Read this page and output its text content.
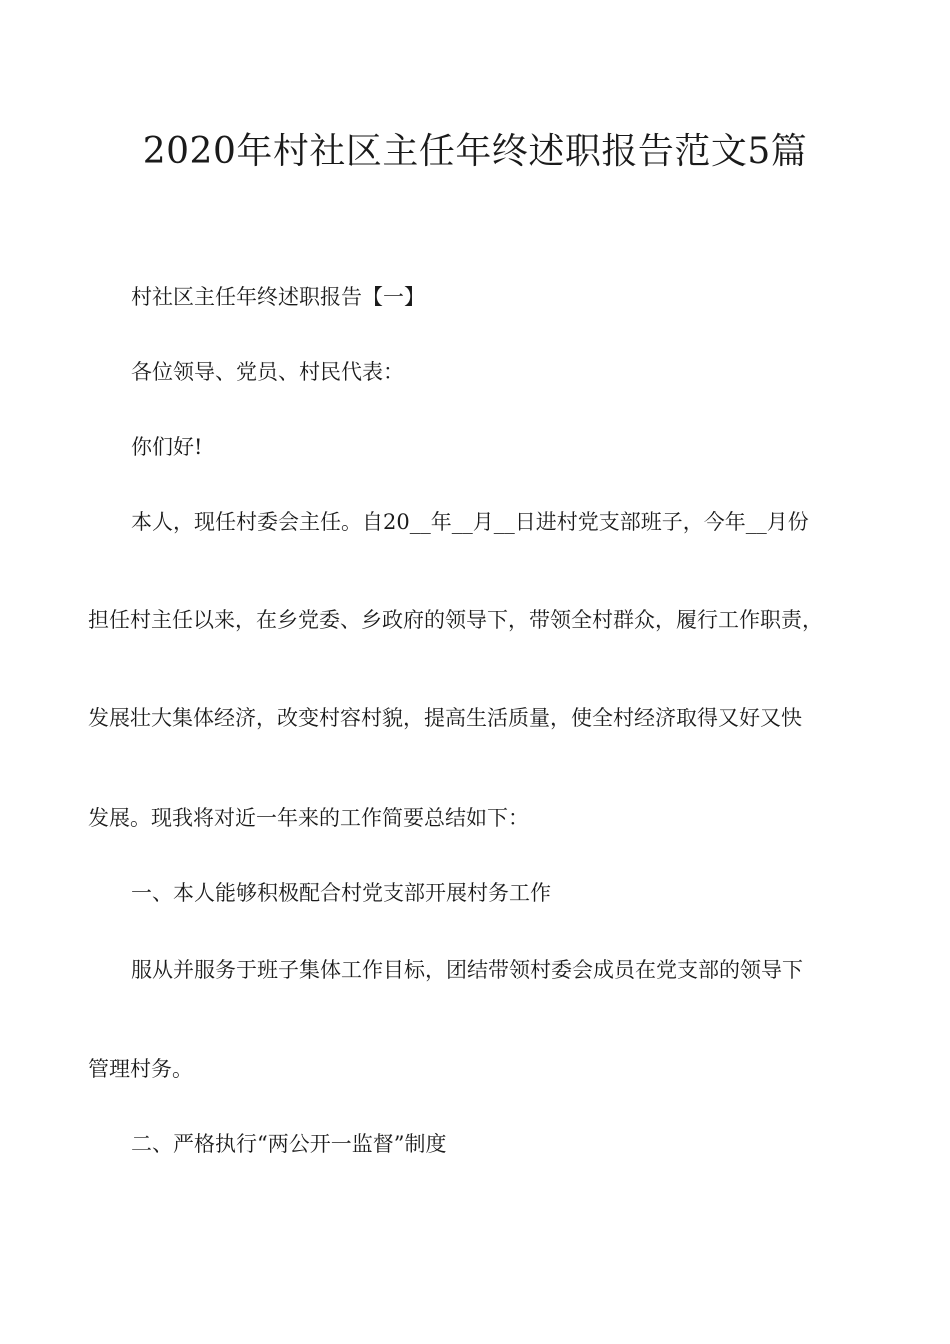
2020年村社区主任年终述职报告范文5篇

村社区主任年终述职报告【一】

各位领导、党员、村民代表：

你们好!

本人，现任村委会主任。自20__年__月__日进村党支部班子，今年__月份

担任村主任以来，在乡党委、乡政府的领导下，带领全村群众，履行工作职责，

发展壮大集体经济，改变村容村貌，提高生活质量，使全村经济取得又好又快

发展。现我将对近一年来的工作简要总结如下：

一、本人能够积极配合村党支部开展村务工作

服从并服务于班子集体工作目标，团结带领村委会成员在党支部的领导下

管理村务。

二、严格执行“两公开一监督”制度
